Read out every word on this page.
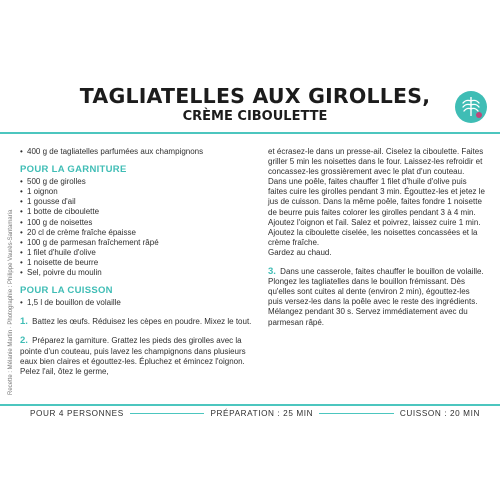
TAGLIATELLES AUX GIROLLES,
CRÈME CIBOULETTE
Recette : Mélanie Martin · Photographie : Philippe Vaurès-Santamaria
• 400 g de tagliatelles parfumées aux champignons
POUR LA GARNITURE
• 500 g de girolles
• 1 oignon
• 1 gousse d'ail
• 1 botte de ciboulette
• 100 g de noisettes
• 20 cl de crème fraîche épaisse
• 100 g de parmesan fraîchement râpé
• 1 filet d'huile d'olive
• 1 noisette de beurre
• Sel, poivre du moulin
POUR LA CUISSON
• 1,5 l de bouillon de volaille

1. Battez les œufs. Réduisez les cèpes en poudre. Mixez le tout.

2. Préparez la garniture. Grattez les pieds des girolles avec la pointe d'un couteau, puis lavez les champignons dans plusieurs eaux bien claires et égouttez-les. Épluchez et émincez l'oignon. Pelez l'ail, ôtez le germe,

et écrasez-le dans un presse-ail. Ciselez la ciboulette. Faites griller 5 min les noisettes dans le four. Laissez-les refroidir et concassez-les grossièrement avec le plat d'un couteau.

Dans une poêle, faites chauffer 1 filet d'huile d'olive puis faites cuire les girolles pendant 3 min. Égouttez-les et jetez le jus de cuisson. Dans la même poêle, faites fondre 1 noisette de beurre puis faites colorer les girolles pendant 3 à 4 min. Ajoutez l'oignon et l'ail. Salez et poivrez, laissez cuire 1 min. Ajoutez la ciboulette ciselée, les noisettes concassées et la crème fraîche.

Gardez au chaud.

3. Dans une casserole, faites chauffer le bouillon de volaille. Plongez les tagliatelles dans le bouillon frémissant. Dès qu'elles sont cuites al dente (environ 2 min), égouttez-les puis versez-les dans la poêle avec le reste des ingrédients. Mélangez pendant 30 s. Servez immédiatement avec du parmesan râpé.

POUR 4 PERSONNES	PRÉPARATION : 25 MIN	CUISSON : 20 MIN
